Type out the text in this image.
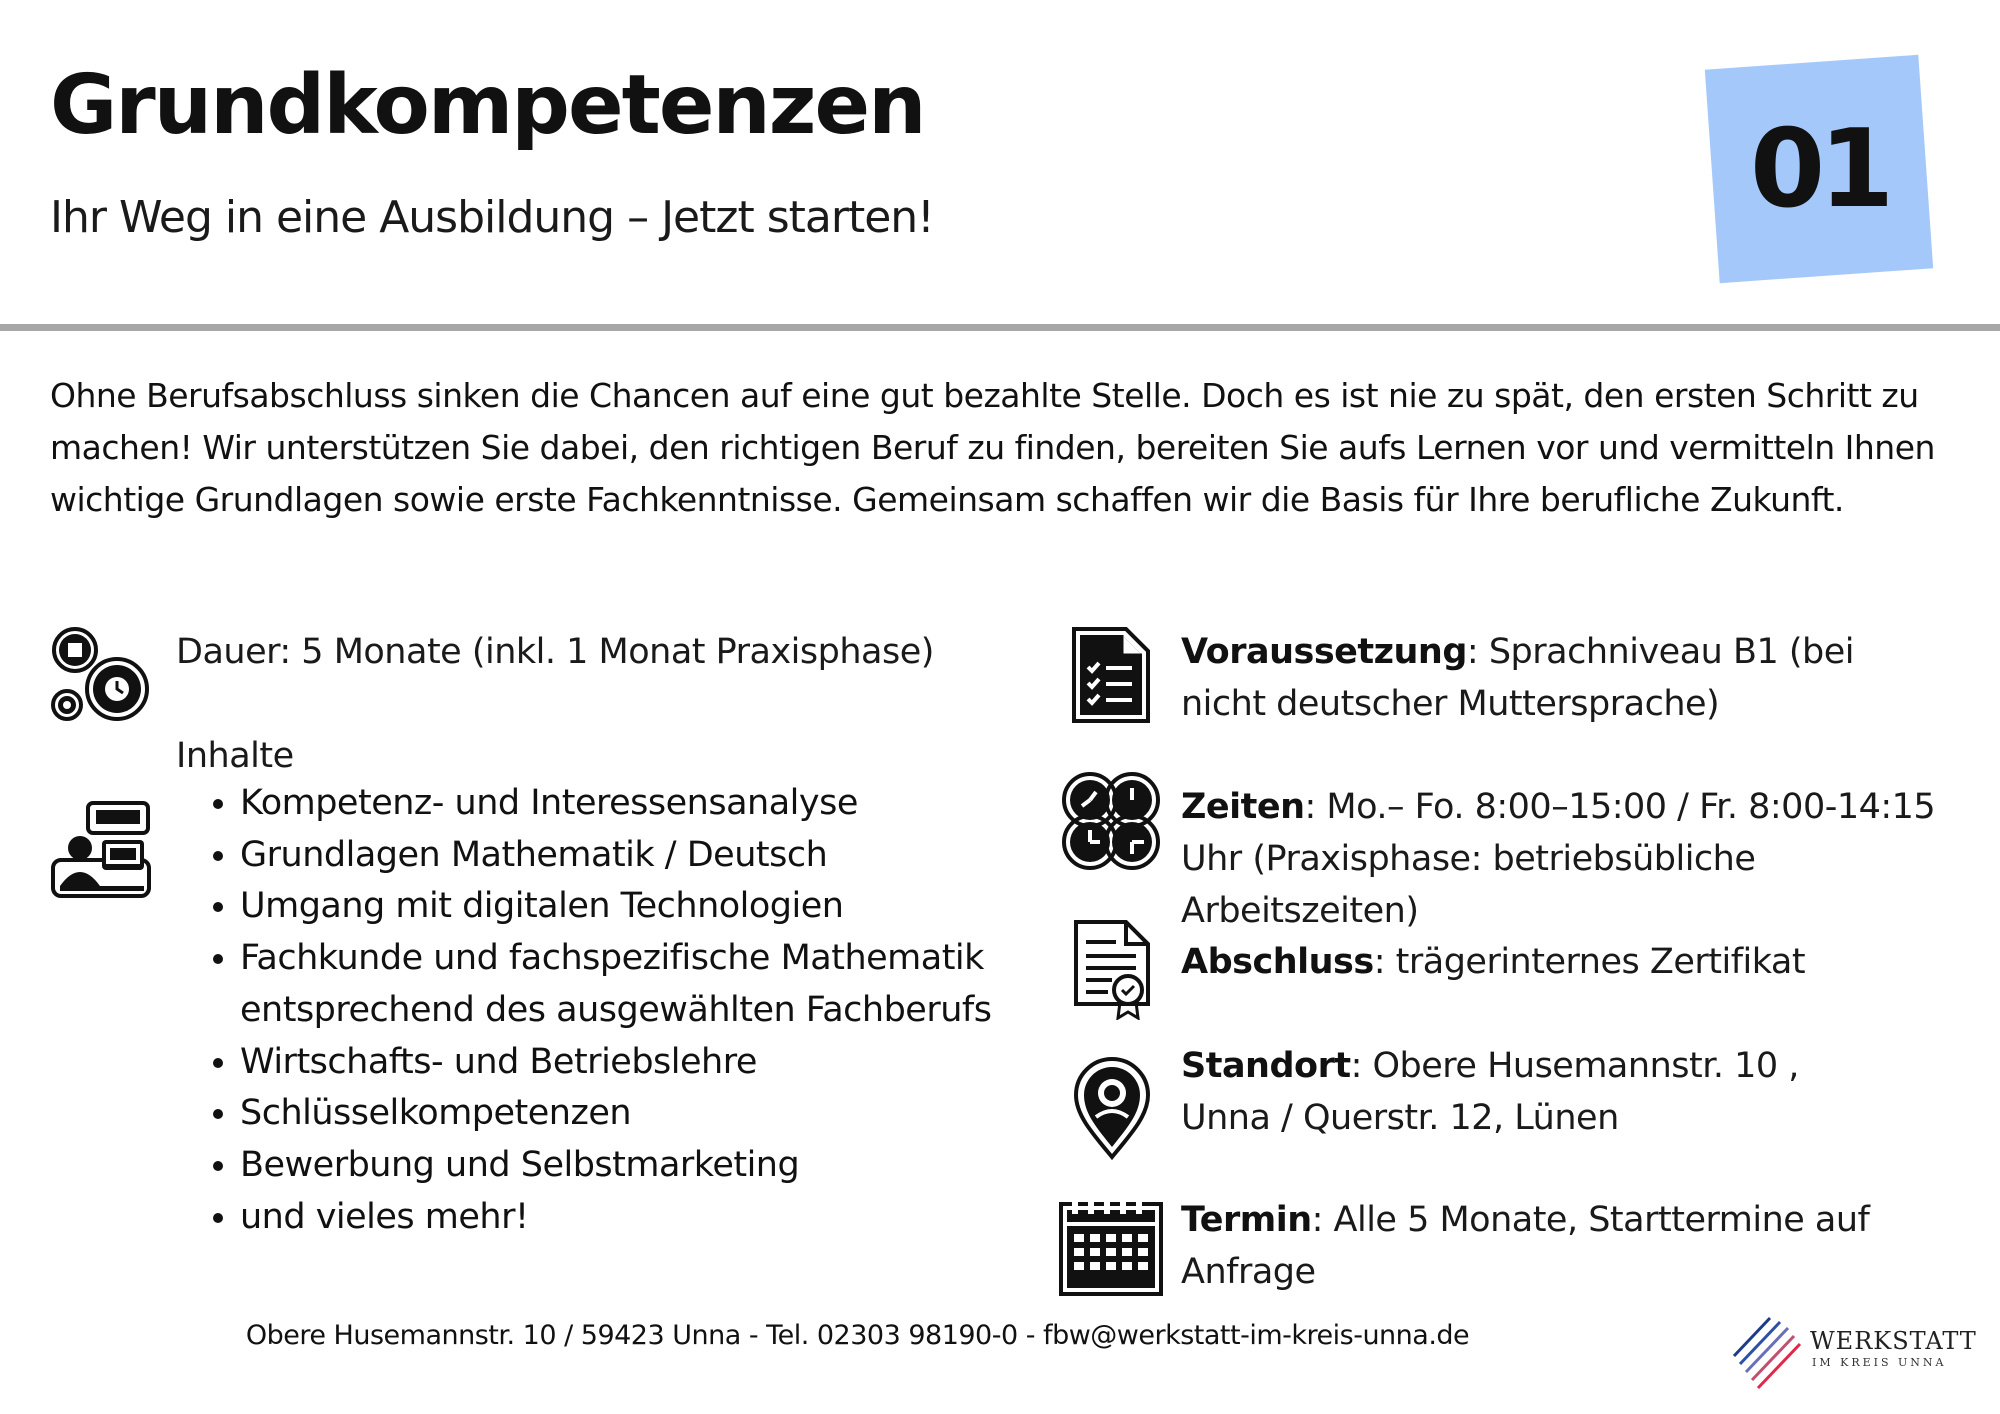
Grundkompetenzen

Ihr Weg in eine Ausbildung – Jetzt starten!	01

Ohne Berufsabschluss sinken die Chancen auf eine gut bezahlte Stelle. Doch es ist nie zu spät, den ersten Schritt zu machen! Wir unterstützen Sie dabei, den richtigen Beruf zu finden, bereiten Sie aufs Lernen vor und vermitteln Ihnen wichtige Grundlagen sowie erste Fachkenntnisse. Gemeinsam schaffen wir die Basis für Ihre berufliche Zukunft.

Dauer: 5 Monate (inkl. 1 Monat Praxisphase)
Inhalte
• Kompetenz- und Interessensanalyse
• Grundlagen Mathematik / Deutsch
• Umgang mit digitalen Technologien
• Fachkunde und fachspezifische Mathematik entsprechend des ausgewählten Fachberufs
• Wirtschafts- und Betriebslehre
• Schlüsselkompetenzen
• Bewerbung und Selbstmarketing
• und vieles mehr!
Voraussetzung: Sprachniveau B1 (bei nicht deutscher Muttersprache)
Zeiten: Mo.– Fo. 8:00–15:00 / Fr. 8:00-14:15 Uhr (Praxisphase: betriebsübliche Arbeitszeiten)
Abschluss: trägerinternes Zertifikat
Standort: Obere Husemannstr. 10 , Unna / Querstr. 12, Lünen
Termin: Alle 5 Monate, Starttermine auf Anfrage
Obere Husemannstr. 10 / 59423 Unna - Tel. 02303 98190-0 - fbw@werkstatt-im-kreis-unna.de	WERKSTATT
IM KREIS UNNA
